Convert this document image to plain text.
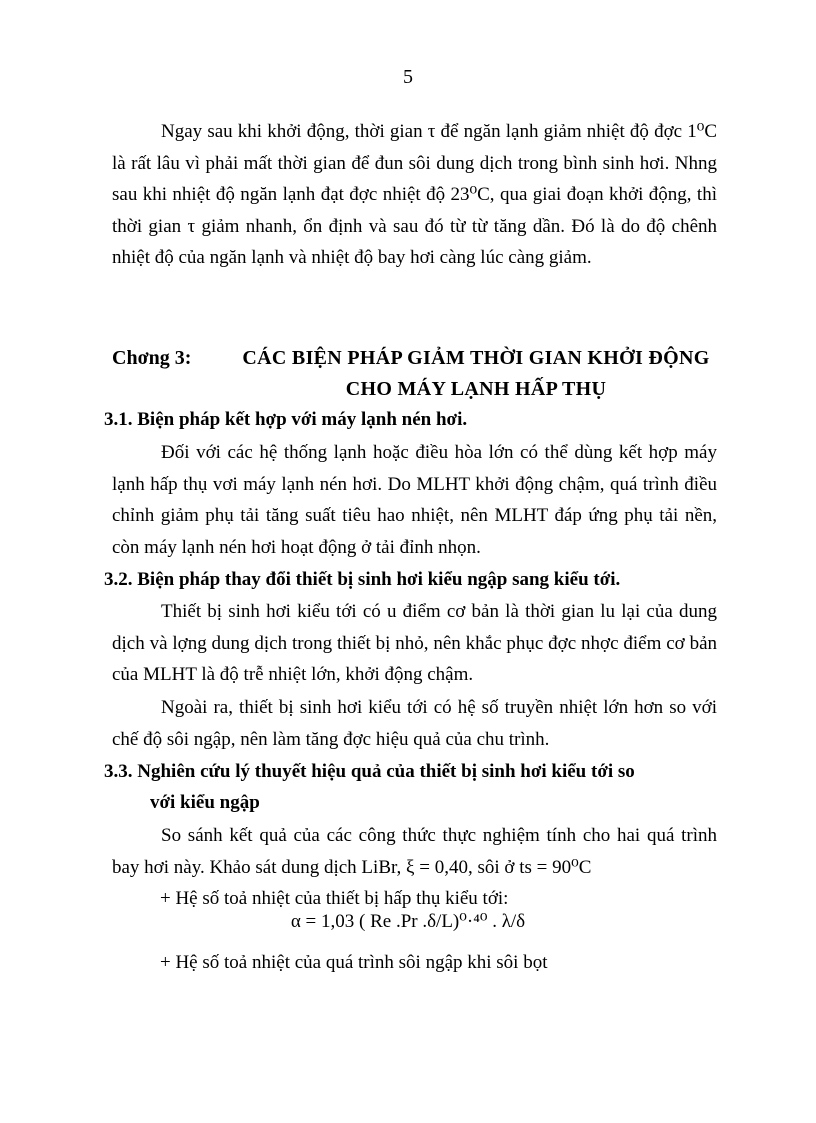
5
Ngay sau khi khởi động, thời gian τ để ngăn lạnh giảm nhiệt độ đợc 1⁰C là rất lâu vì phải mất thời gian để đun sôi dung dịch trong bình sinh hơi. Nhng sau khi nhiệt độ ngăn lạnh đạt đợc nhiệt độ 23⁰C, qua giai đoạn khởi động, thì thời gian τ giảm nhanh, ổn định và sau đó từ từ tăng dần. Đó là do độ chênh nhiệt độ của ngăn lạnh và nhiệt độ bay hơi càng lúc càng giảm.
Chơng 3:	CÁC BIỆN PHÁP GIẢM THỜI GIAN KHỞI ĐỘNG CHO MÁY LẠNH HẤP THỤ
3.1. Biện pháp kết hợp với máy lạnh nén hơi.
Đối với các hệ thống lạnh hoặc điều hòa lớn có thể dùng kết hợp máy lạnh hấp thụ vơi máy lạnh nén hơi. Do MLHT khởi động chậm, quá trình điều chỉnh giảm phụ tải tăng suất tiêu hao nhiệt, nên MLHT đáp ứng phụ tải nền, còn máy lạnh nén hơi hoạt động ở tải đỉnh nhọn.
3.2. Biện pháp thay đổi thiết bị sinh hơi kiểu ngập sang kiểu tới.
Thiết bị sinh hơi kiểu tới có u điểm cơ bản là thời gian lu lại của dung dịch và lợng dung dịch trong thiết bị nhỏ, nên khắc phục đợc nhợc điểm cơ bản của MLHT là độ trễ nhiệt lớn, khởi động chậm.
Ngoài ra, thiết bị sinh hơi kiểu tới có hệ số truyền nhiệt lớn hơn so với chế độ sôi ngập, nên làm tăng đợc hiệu quả của chu trình.
3.3. Nghiên cứu lý thuyết hiệu quả của thiết bị sinh hơi kiểu tới so
với kiểu ngập
So sánh kết quả của các công thức thực nghiệm tính cho hai quá trình bay hơi này. Khảo sát dung dịch LiBr, ξ = 0,40, sôi ở ts = 90⁰C
+ Hệ số toả nhiệt của thiết bị hấp thụ kiểu tới:
α = 1,03 ( Re .Pr .δ/L)⁰·⁴⁰ . λ/δ
+ Hệ số toả nhiệt của quá trình sôi ngập khi sôi bọt
